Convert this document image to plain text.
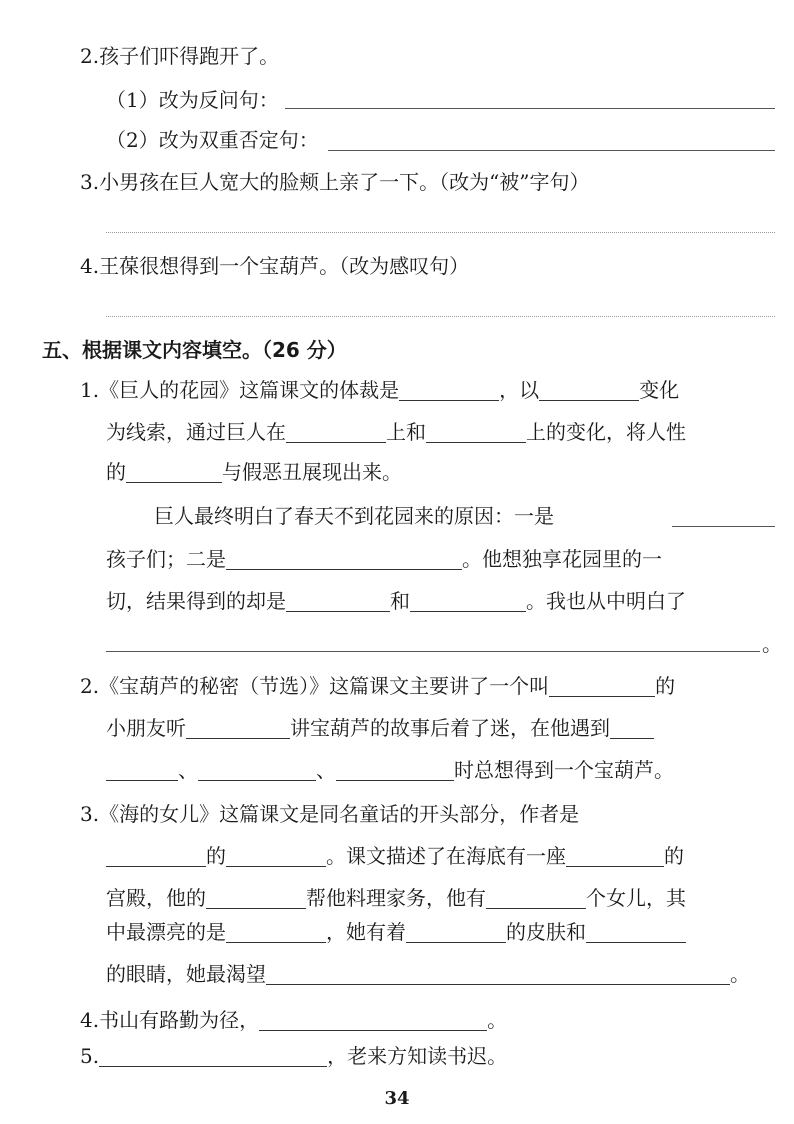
2.孩子们吓得跑开了。
（1）改为反问句：
（2）改为双重否定句：
3.小男孩在巨人宽大的脸颊上亲了一下。（改为“被”字句）
4.王葆很想得到一个宝葫芦。（改为感叹句）
五、根据课文内容填空。（26 分）
1.《巨人的花园》这篇课文的体裁是	，以	变化
为线索，通过巨人在	上和	上的变化，将人性
的	与假恶丑展现出来。
巨人最终明白了春天不到花园来的原因：一是
孩子们；二是	。他想独享花园里的一
切，结果得到的却是	和	。我也从中明白了
。
2.《宝葫芦的秘密（节选）》这篇课文主要讲了一个叫	的
小朋友听	讲宝葫芦的故事后着了迷，在他遇到
、	、	时总想得到一个宝葫芦。
3.《海的女儿》这篇课文是同名童话的开头部分，作者是
的	。课文描述了在海底有一座	的
宫殿，他的	帮他料理家务，他有	个女儿，其
中最漂亮的是	，她有着	的皮肤和
的眼睛，她最渴望	。
4.书山有路勤为径，	。
5.	，老来方知读书迟。
34
